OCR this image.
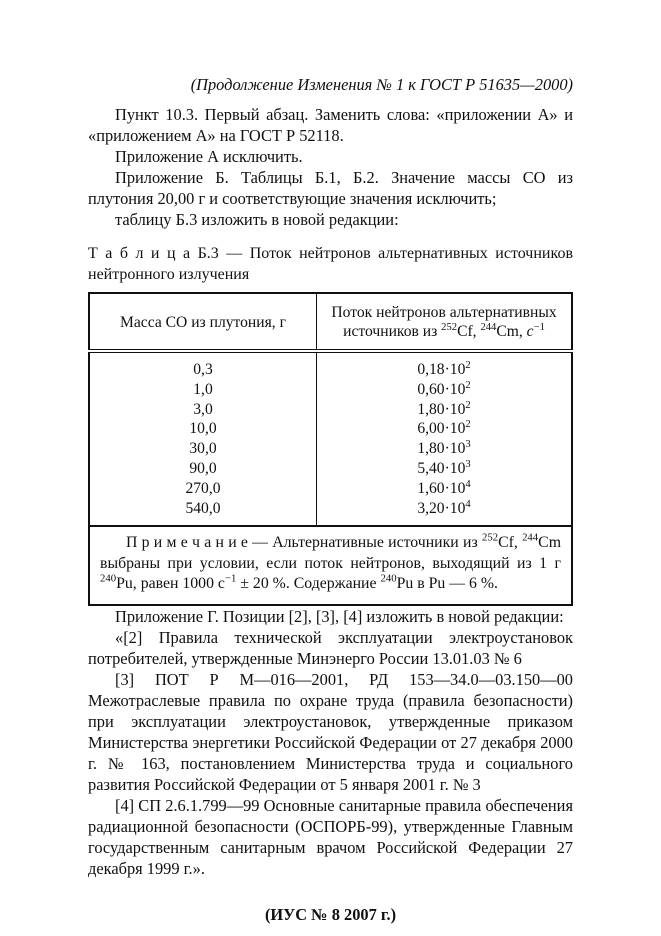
(Продолжение Изменения № 1 к ГОСТ Р 51635—2000)

Пункт 10.3. Первый абзац. Заменить слова: «приложении А» и «приложением А» на ГОСТ Р 52118.

Приложение А исключить.

Приложение Б. Таблицы Б.1, Б.2. Значение массы СО из плутония 20,00 г и соответствующие значения исключить;

таблицу Б.3 изложить в новой редакции:

Т а б л и ц а Б.3 — Поток нейтронов альтернативных источников нейтронного излучения
Масса СО из плутония, г	Поток нейтронов альтернативных источников из $^{252}$Cf, $^{244}$Cm, $с^{-1}$
0,3	$0,18\cdot 10^2$
1,0	$0,60\cdot 10^2$
3,0	$1,80\cdot 10^2$
10,0	$6,00\cdot 10^2$
30,0	$1,80\cdot 10^3$
90,0	$5,40\cdot 10^3$
270,0	$1,60\cdot 10^4$
540,0	$3,20\cdot 10^4$
П р и м е ч а н и е — Альтернативные источники из $^{252}$Cf, $^{244}$Cm выбраны при условии, если поток нейтронов, выходящий из 1 г $^{240}$Pu, равен 1000 $с^{-1} \pm 20$ %. Содержание $^{240}$Pu в Pu — 6 %.	

Приложение Г. Позиции [2], [3], [4] изложить в новой редакции:

«[2] Правила технической эксплуатации электроустановок потребителей, утвержденные Минэнерго России 13.01.03 № 6

[3] ПОТ Р М—016—2001, РД 153—34.0—03.150—00 Межотраслевые правила по охране труда (правила безопасности) при эксплуатации электроустановок, утвержденные приказом Министерства энергетики Российской Федерации от 27 декабря 2000 г. № 163, постановлением Министерства труда и социального развития Российской Федерации от 5 января 2001 г. № 3

[4] СП 2.6.1.799—99 Основные санитарные правила обеспечения радиационной безопасности (ОСПОРБ-99), утвержденные Главным государственным санитарным врачом Российской Федерации 27 декабря 1999 г.».

(ИУС № 8 2007 г.)
